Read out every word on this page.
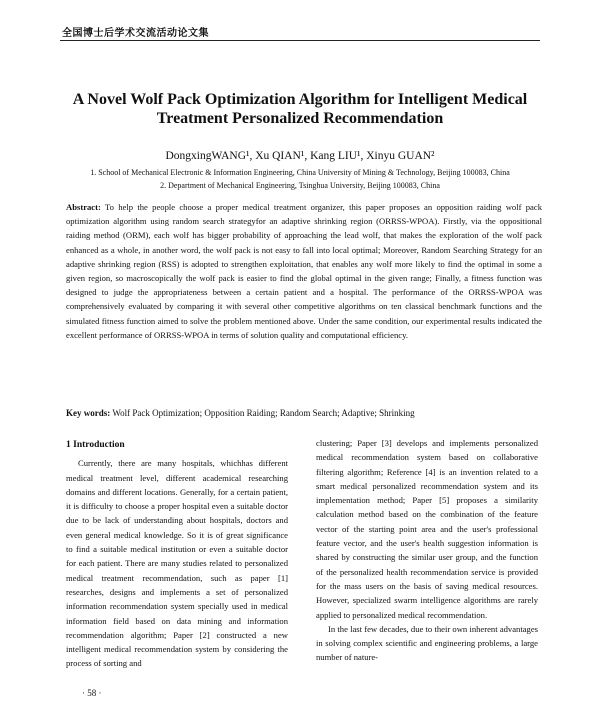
全国博士后学术交流活动论文集
A Novel Wolf Pack Optimization Algorithm for Intelligent Medical
Treatment Personalized Recommendation
DongxingWANG¹, Xu QIAN¹, Kang LIU¹, Xinyu GUAN²
1. School of Mechanical Electronic & Information Engineering, China University of Mining & Technology, Beijing 100083, China
2. Department of Mechanical Engineering, Tsinghua University, Beijing 100083, China
Abstract: To help the people choose a proper medical treatment organizer, this paper proposes an opposition raiding wolf pack optimization algorithm using random search strategyfor an adaptive shrinking region (ORRSS-WPOA). Firstly, via the oppositional raiding method (ORM), each wolf has bigger probability of approaching the lead wolf, that makes the exploration of the wolf pack enhanced as a whole, in another word, the wolf pack is not easy to fall into local optimal; Moreover, Random Searching Strategy for an adaptive shrinking region (RSS) is adopted to strengthen exploitation, that enables any wolf more likely to find the optimal in some a given region, so macroscopically the wolf pack is easier to find the global optimal in the given range; Finally, a fitness function was designed to judge the appropriateness between a certain patient and a hospital. The performance of the ORRSS-WPOA was comprehensively evaluated by comparing it with several other competitive algorithms on ten classical benchmark functions and the simulated fitness function aimed to solve the problem mentioned above. Under the same condition, our experimental results indicated the excellent performance of ORRSS-WPOA in terms of solution quality and computational efficiency.
Key words: Wolf Pack Optimization; Opposition Raiding; Random Search; Adaptive; Shrinking
1 Introduction

Currently, there are many hospitals, whichhas different medical treatment level, different academical researching domains and different locations. Generally, for a certain patient, it is difficulty to choose a proper hospital even a suitable doctor due to be lack of understanding about hospitals, doctors and even general medical knowledge. So it is of great significance to find a suitable medical institution or even a suitable doctor for each patient. There are many studies related to personalized medical treatment recommendation, such as paper [1] researches, designs and implements a set of personalized information recommendation system specially used in medical information field based on data mining and information recommendation algorithm; Paper [2] constructed a new intelligent medical recommendation system by considering the process of sorting and

clustering; Paper [3] develops and implements personalized medical recommendation system based on collaborative filtering algorithm; Reference [4] is an invention related to a smart medical personalized recommendation system and its implementation method; Paper [5] proposes a similarity calculation method based on the combination of the feature vector of the starting point area and the user's professional feature vector, and the user's health suggestion information is shared by constructing the similar user group, and the function of the personalized health recommendation service is provided for the mass users on the basis of saving medical resources. However, specialized swarm intelligence algorithms are rarely applied to personalized medical recommendation.

In the last few decades, due to their own inherent advantages in solving complex scientific and engineering problems, a large number of nature-

· 58 ·
